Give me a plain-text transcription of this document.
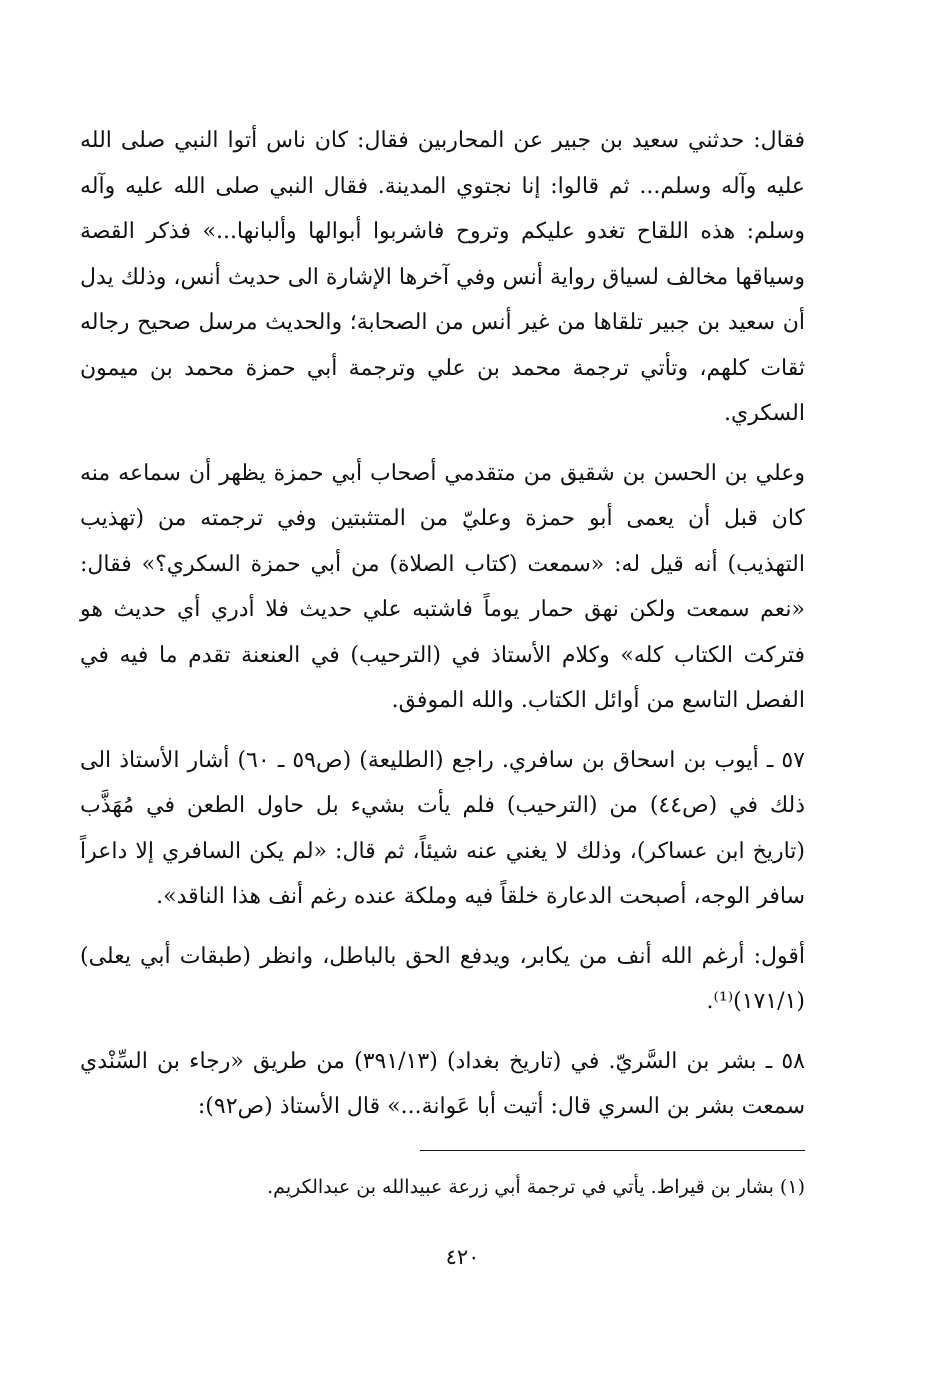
فقال: حدثني سعيد بن جبير عن المحاربين فقال: كان ناس أتوا النبي صلى الله عليه وآله وسلم... ثم قالوا: إنا نجتوي المدينة. فقال النبي صلى الله عليه وآله وسلم: هذه اللقاح تغدو عليكم وتروح فاشربوا أبوالها وألبانها...» فذكر القصة وسياقها مخالف لسياق رواية أنس وفي آخرها الإشارة الى حديث أنس، وذلك يدل أن سعيد بن جبير تلقاها من غير أنس من الصحابة؛ والحديث مرسل صحيح رجاله ثقات كلهم، وتأتي ترجمة محمد بن علي وترجمة أبي حمزة محمد بن ميمون السكري.

وعلي بن الحسن بن شقيق من متقدمي أصحاب أبي حمزة يظهر أن سماعه منه كان قبل أن يعمى أبو حمزة وعليّ من المتثبتين وفي ترجمته من (تهذيب التهذيب) أنه قيل له: «سمعت (كتاب الصلاة) من أبي حمزة السكري؟» فقال: «نعم سمعت ولكن نهق حمار يوماً فاشتبه علي حديث فلا أدري أي حديث هو فتركت الكتاب كله» وكلام الأستاذ في (الترحيب) في العنعنة تقدم ما فيه في الفصل التاسع من أوائل الكتاب. والله الموفق.

٥٧ ـ أيوب بن اسحاق بن سافري. راجع (الطليعة) (ص٥٩ ـ ٦٠) أشار الأستاذ الى ذلك في (ص٤٤) من (الترحيب) فلم يأت بشيء بل حاول الطعن في مُهَذَّب (تاريخ ابن عساكر)، وذلك لا يغني عنه شيئاً، ثم قال: «لم يكن السافري إلا داعراً سافر الوجه، أصبحت الدعارة خلقاً فيه وملكة عنده رغم أنف هذا الناقد».

أقول: أرغم الله أنف من يكابر، ويدفع الحق بالباطل، وانظر (طبقات أبي يعلى) (١٧١/١)⁽¹⁾.

٥٨ ـ بشر بن السَّريّ. في (تاريخ بغداد) (٣٩١/١٣) من طريق «رجاء بن السِّنْدي سمعت بشر بن السري قال: أتيت أبا عَوانة...» قال الأستاذ (ص٩٢):

(١) بشار بن قيراط. يأتي في ترجمة أبي زرعة عبيدالله بن عبدالكريم.
٤٢٠
